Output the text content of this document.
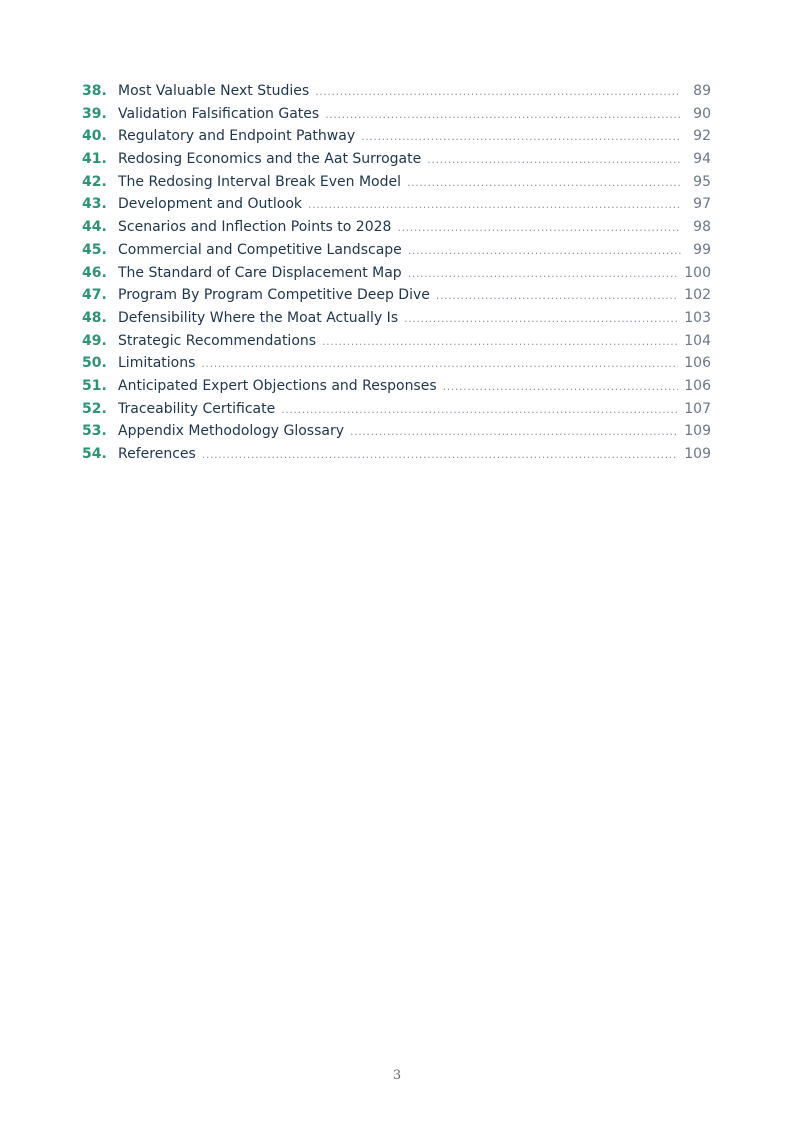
38. Most Valuable Next Studies .....	89
39. Validation Falsification Gates .....	90
40. Regulatory and Endpoint Pathway .....	92
41. Redosing Economics and the Aat Surrogate .....	94
42. The Redosing Interval Break Even Model .....	95
43. Development and Outlook .....	97
44. Scenarios and Inflection Points to 2028 .....	98
45. Commercial and Competitive Landscape .....	99
46. The Standard of Care Displacement Map .....	100
47. Program By Program Competitive Deep Dive .....	102
48. Defensibility Where the Moat Actually Is .....	103
49. Strategic Recommendations .....	104
50. Limitations .....	106
51. Anticipated Expert Objections and Responses .....	106
52. Traceability Certificate .....	107
53. Appendix Methodology Glossary .....	109
54. References .....	109
3
